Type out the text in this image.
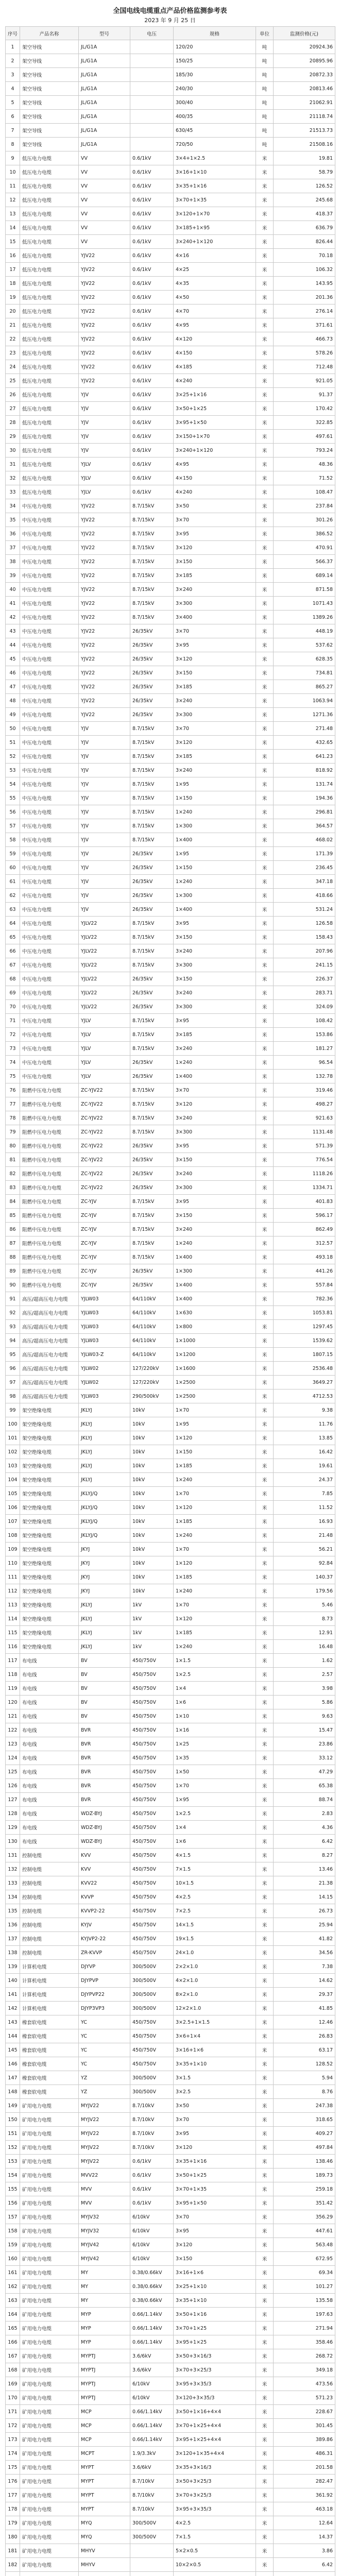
全国电线电缆重点产品价格监测参考表
2023 年 9 月 25 日
序号	产品名称	型号	电压	规格	单位	监测价格(元)
1	架空导线	JL/G1A		120/20	吨	20924.36
2	架空导线	JL/G1A		150/25	吨	20895.96
3	架空导线	JL/G1A		185/30	吨	20872.33
4	架空导线	JL/G1A		240/30	吨	20813.46
5	架空导线	JL/G1A		300/40	吨	21062.91
6	架空导线	JL/G1A		400/35	吨	21118.74
7	架空导线	JL/G1A		630/45	吨	21513.73
8	架空导线	JL/G1A		720/50	吨	21508.16
9	低压电力电缆	VV	0.6/1kV	3×4+1×2.5	米	19.81
10	低压电力电缆	VV	0.6/1kV	3×16+1×10	米	58.79
11	低压电力电缆	VV	0.6/1kV	3×35+1×16	米	126.52
12	低压电力电缆	VV	0.6/1kV	3×70+1×35	米	245.68
13	低压电力电缆	VV	0.6/1kV	3×120+1×70	米	418.37
14	低压电力电缆	VV	0.6/1kV	3×185+1×95	米	636.79
15	低压电力电缆	VV	0.6/1kV	3×240+1×120	米	826.44
16	低压电力电缆	YJV22	0.6/1kV	4×16	米	70.18
17	低压电力电缆	YJV22	0.6/1kV	4×25	米	106.32
18	低压电力电缆	YJV22	0.6/1kV	4×35	米	143.95
19	低压电力电缆	YJV22	0.6/1kV	4×50	米	201.36
20	低压电力电缆	YJV22	0.6/1kV	4×70	米	276.14
21	低压电力电缆	YJV22	0.6/1kV	4×95	米	371.61
22	低压电力电缆	YJV22	0.6/1kV	4×120	米	466.73
23	低压电力电缆	YJV22	0.6/1kV	4×150	米	578.26
24	低压电力电缆	YJV22	0.6/1kV	4×185	米	712.48
25	低压电力电缆	YJV22	0.6/1kV	4×240	米	921.05
26	低压电力电缆	YJV	0.6/1kV	3×25+1×16	米	91.37
27	低压电力电缆	YJV	0.6/1kV	3×50+1×25	米	170.42
28	低压电力电缆	YJV	0.6/1kV	3×95+1×50	米	322.85
29	低压电力电缆	YJV	0.6/1kV	3×150+1×70	米	497.61
30	低压电力电缆	YJV	0.6/1kV	3×240+1×120	米	793.24
31	低压电力电缆	YJLV	0.6/1kV	4×95	米	48.36
32	低压电力电缆	YJLV	0.6/1kV	4×150	米	71.52
33	低压电力电缆	YJLV	0.6/1kV	4×240	米	108.47
34	中压电力电缆	YJV22	8.7/15kV	3×50	米	237.84
35	中压电力电缆	YJV22	8.7/15kV	3×70	米	301.26
36	中压电力电缆	YJV22	8.7/15kV	3×95	米	386.52
37	中压电力电缆	YJV22	8.7/15kV	3×120	米	470.91
38	中压电力电缆	YJV22	8.7/15kV	3×150	米	566.37
39	中压电力电缆	YJV22	8.7/15kV	3×185	米	689.14
40	中压电力电缆	YJV22	8.7/15kV	3×240	米	871.58
41	中压电力电缆	YJV22	8.7/15kV	3×300	米	1071.43
42	中压电力电缆	YJV22	8.7/15kV	3×400	米	1389.26
43	中压电力电缆	YJV22	26/35kV	3×70	米	448.19
44	中压电力电缆	YJV22	26/35kV	3×95	米	537.62
45	中压电力电缆	YJV22	26/35kV	3×120	米	628.35
46	中压电力电缆	YJV22	26/35kV	3×150	米	734.81
47	中压电力电缆	YJV22	26/35kV	3×185	米	865.27
48	中压电力电缆	YJV22	26/35kV	3×240	米	1063.94
49	中压电力电缆	YJV22	26/35kV	3×300	米	1271.36
50	中压电力电缆	YJV	8.7/15kV	3×70	米	271.48
51	中压电力电缆	YJV	8.7/15kV	3×120	米	432.65
52	中压电力电缆	YJV	8.7/15kV	3×185	米	641.23
53	中压电力电缆	YJV	8.7/15kV	3×240	米	818.92
54	中压电力电缆	YJV	8.7/15kV	1×95	米	131.74
55	中压电力电缆	YJV	8.7/15kV	1×150	米	194.36
56	中压电力电缆	YJV	8.7/15kV	1×240	米	296.81
57	中压电力电缆	YJV	8.7/15kV	1×300	米	364.57
58	中压电力电缆	YJV	8.7/15kV	1×400	米	468.02
59	中压电力电缆	YJV	26/35kV	1×95	米	171.39
60	中压电力电缆	YJV	26/35kV	1×150	米	236.45
61	中压电力电缆	YJV	26/35kV	1×240	米	347.18
62	中压电力电缆	YJV	26/35kV	1×300	米	418.66
63	中压电力电缆	YJV	26/35kV	1×400	米	531.24
64	中压电力电缆	YJLV22	8.7/15kV	3×95	米	126.58
65	中压电力电缆	YJLV22	8.7/15kV	3×150	米	158.43
66	中压电力电缆	YJLV22	8.7/15kV	3×240	米	207.96
67	中压电力电缆	YJLV22	8.7/15kV	3×300	米	241.15
68	中压电力电缆	YJLV22	26/35kV	3×150	米	226.37
69	中压电力电缆	YJLV22	26/35kV	3×240	米	283.71
70	中压电力电缆	YJLV22	26/35kV	3×300	米	324.09
71	中压电力电缆	YJLV	8.7/15kV	3×95	米	108.42
72	中压电力电缆	YJLV	8.7/15kV	3×185	米	153.86
73	中压电力电缆	YJLV	8.7/15kV	3×240	米	181.27
74	中压电力电缆	YJLV	26/35kV	1×240	米	96.54
75	中压电力电缆	YJLV	26/35kV	1×400	米	132.78
76	阻燃中压电力电缆	ZC-YJV22	8.7/15kV	3×70	米	319.46
77	阻燃中压电力电缆	ZC-YJV22	8.7/15kV	3×120	米	498.27
78	阻燃中压电力电缆	ZC-YJV22	8.7/15kV	3×240	米	921.63
79	阻燃中压电力电缆	ZC-YJV22	8.7/15kV	3×300	米	1131.48
80	阻燃中压电力电缆	ZC-YJV22	26/35kV	3×95	米	571.39
81	阻燃中压电力电缆	ZC-YJV22	26/35kV	3×150	米	776.54
82	阻燃中压电力电缆	ZC-YJV22	26/35kV	3×240	米	1118.26
83	阻燃中压电力电缆	ZC-YJV22	26/35kV	3×300	米	1334.71
84	阻燃中压电力电缆	ZC-YJV	8.7/15kV	3×95	米	401.83
85	阻燃中压电力电缆	ZC-YJV	8.7/15kV	3×150	米	596.17
86	阻燃中压电力电缆	ZC-YJV	8.7/15kV	3×240	米	862.49
87	阻燃中压电力电缆	ZC-YJV	8.7/15kV	1×240	米	312.57
88	阻燃中压电力电缆	ZC-YJV	8.7/15kV	1×400	米	493.18
89	阻燃中压电力电缆	ZC-YJV	26/35kV	1×300	米	441.26
90	阻燃中压电力电缆	ZC-YJV	26/35kV	1×400	米	557.84
91	高压/超高压电力电缆	YJLW03	64/110kV	1×400	米	782.36
92	高压/超高压电力电缆	YJLW03	64/110kV	1×630	米	1053.81
93	高压/超高压电力电缆	YJLW03	64/110kV	1×800	米	1297.45
94	高压/超高压电力电缆	YJLW03	64/110kV	1×1000	米	1539.62
95	高压/超高压电力电缆	YJLW03-Z	64/110kV	1×1200	米	1807.15
96	高压/超高压电力电缆	YJLW02	127/220kV	1×1600	米	2536.48
97	高压/超高压电力电缆	YJLW02	127/220kV	1×2500	米	3649.27
98	高压/超高压电力电缆	YJLW03	290/500kV	1×2500	米	4712.53
99	架空绝缘电缆	JKLYJ	10kV	1×70	米	9.38
100	架空绝缘电缆	JKLYJ	10kV	1×95	米	11.76
101	架空绝缘电缆	JKLYJ	10kV	1×120	米	13.85
102	架空绝缘电缆	JKLYJ	10kV	1×150	米	16.42
103	架空绝缘电缆	JKLYJ	10kV	1×185	米	19.61
104	架空绝缘电缆	JKLYJ	10kV	1×240	米	24.37
105	架空绝缘电缆	JKLYJ/Q	10kV	1×70	米	7.85
106	架空绝缘电缆	JKLYJ/Q	10kV	1×120	米	11.52
107	架空绝缘电缆	JKLYJ/Q	10kV	1×185	米	16.93
108	架空绝缘电缆	JKLYJ/Q	10kV	1×240	米	21.48
109	架空绝缘电缆	JKYJ	10kV	1×70	米	56.21
110	架空绝缘电缆	JKYJ	10kV	1×120	米	92.84
111	架空绝缘电缆	JKYJ	10kV	1×185	米	140.37
112	架空绝缘电缆	JKYJ	10kV	1×240	米	179.56
113	架空绝缘电缆	JKLYJ	1kV	1×70	米	5.46
114	架空绝缘电缆	JKLYJ	1kV	1×120	米	8.73
115	架空绝缘电缆	JKLYJ	1kV	1×185	米	12.91
116	架空绝缘电缆	JKLYJ	1kV	1×240	米	16.48
117	布电线	BV	450/750V	1×1.5	米	1.62
118	布电线	BV	450/750V	1×2.5	米	2.57
119	布电线	BV	450/750V	1×4	米	3.98
120	布电线	BV	450/750V	1×6	米	5.86
121	布电线	BV	450/750V	1×10	米	9.63
122	布电线	BVR	450/750V	1×16	米	15.47
123	布电线	BVR	450/750V	1×25	米	23.86
124	布电线	BVR	450/750V	1×35	米	33.12
125	布电线	BVR	450/750V	1×50	米	47.29
126	布电线	BVR	450/750V	1×70	米	65.38
127	布电线	BVR	450/750V	1×95	米	88.74
128	布电线	WDZ-BYJ	450/750V	1×2.5	米	2.83
129	布电线	WDZ-BYJ	450/750V	1×4	米	4.36
130	布电线	WDZ-BYJ	450/750V	1×6	米	6.42
131	控制电缆	KVV	450/750V	4×1.5	米	8.27
132	控制电缆	KVV	450/750V	7×1.5	米	13.46
133	控制电缆	KVV22	450/750V	10×1.5	米	21.38
134	控制电缆	KVVP	450/750V	4×2.5	米	14.15
135	控制电缆	KVVP2-22	450/750V	7×2.5	米	26.73
136	控制电缆	KYJV	450/750V	14×1.5	米	25.94
137	控制电缆	KYJVP2-22	450/750V	19×1.5	米	41.82
138	控制电缆	ZR-KVVP	450/750V	24×1.0	米	34.56
139	计算机电缆	DJYVP	300/500V	2×2×1.0	米	7.38
140	计算机电缆	DJYPVP	300/500V	4×2×1.0	米	14.62
141	计算机电缆	DJYPVP22	300/500V	8×2×1.0	米	29.37
142	计算机电缆	DJYP3VP3	300/500V	12×2×1.0	米	41.85
143	橡套软电缆	YC	450/750V	3×2.5+1×1.5	米	12.46
144	橡套软电缆	YC	450/750V	3×6+1×4	米	26.83
145	橡套软电缆	YC	450/750V	3×16+1×6	米	63.17
146	橡套软电缆	YC	450/750V	3×35+1×10	米	128.52
147	橡套软电缆	YZ	300/500V	3×1.5	米	5.94
148	橡套软电缆	YZ	300/500V	3×2.5	米	8.76
149	矿用电力电缆	MYJV22	8.7/10kV	3×50	米	247.38
150	矿用电力电缆	MYJV22	8.7/10kV	3×70	米	318.65
151	矿用电力电缆	MYJV22	8.7/10kV	3×95	米	409.27
152	矿用电力电缆	MYJV22	8.7/10kV	3×120	米	497.84
153	矿用电力电缆	MYJV22	0.6/1kV	3×35+1×16	米	138.46
154	矿用电力电缆	MVV22	0.6/1kV	3×50+1×25	米	189.73
155	矿用电力电缆	MVV	0.6/1kV	3×70+1×35	米	259.18
156	矿用电力电缆	MVV	0.6/1kV	3×95+1×50	米	351.42
157	矿用电力电缆	MYJV32	6/10kV	3×70	米	356.29
158	矿用电力电缆	MYJV32	6/10kV	3×95	米	447.61
159	矿用电力电缆	MYJV42	6/10kV	3×120	米	563.48
160	矿用电力电缆	MYJV42	6/10kV	3×150	米	672.95
161	矿用电力电缆	MY	0.38/0.66kV	3×16+1×6	米	69.34
162	矿用电力电缆	MY	0.38/0.66kV	3×25+1×10	米	101.27
163	矿用电力电缆	MY	0.38/0.66kV	3×35+1×10	米	135.58
164	矿用电力电缆	MYP	0.66/1.14kV	3×50+1×16	米	197.63
165	矿用电力电缆	MYP	0.66/1.14kV	3×70+1×25	米	271.94
166	矿用电力电缆	MYP	0.66/1.14kV	3×95+1×25	米	358.46
167	矿用电力电缆	MYPTJ	3.6/6kV	3×50+3×16/3	米	268.72
168	矿用电力电缆	MYPTJ	3.6/6kV	3×70+3×25/3	米	349.18
169	矿用电力电缆	MYPTJ	6/10kV	3×95+3×35/3	米	473.56
170	矿用电力电缆	MYPTJ	6/10kV	3×120+3×35/3	米	571.23
171	矿用电力电缆	MCP	0.66/1.14kV	3×50+1×16+4×4	米	228.67
172	矿用电力电缆	MCP	0.66/1.14kV	3×70+1×25+4×4	米	301.45
173	矿用电力电缆	MCP	0.66/1.14kV	3×95+1×25+4×4	米	389.86
174	矿用电力电缆	MCPT	1.9/3.3kV	3×120+1×35+4×4	米	486.31
175	矿用电力电缆	MYPT	3.6/6kV	3×35+3×16/3	米	201.58
176	矿用电力电缆	MYPT	8.7/10kV	3×50+3×25/3	米	282.47
177	矿用电力电缆	MYPT	8.7/10kV	3×70+3×25/3	米	361.92
178	矿用电力电缆	MYPT	8.7/10kV	3×95+3×35/3	米	463.18
179	矿用电力电缆	MYQ	300/500V	4×2.5	米	12.64
180	矿用电力电缆	MYQ	300/500V	7×1.5	米	14.37
181	矿用电力电缆	MHYV		5×2×0.5	米	3.86
182	矿用电力电缆	MHYV		10×2×0.5	米	6.42
